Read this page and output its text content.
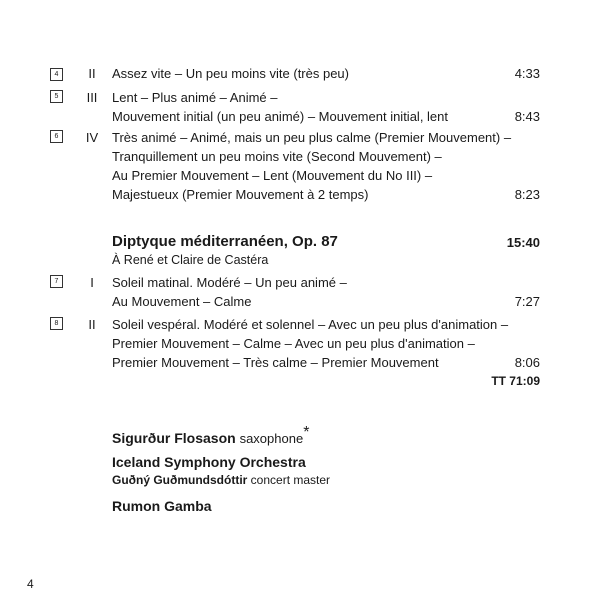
4	II	Assez vite – Un peu moins vite (très peu)	4:33
5	III	Lent – Plus animé – Animé –
Mouvement initial (un peu animé) – Mouvement initial, lent	8:43
6	IV	Très animé – Animé, mais un peu plus calme (Premier Mouvement) –
Tranquillement un peu moins vite (Second Mouvement) –
Au Premier Mouvement – Lent (Mouvement du No III) –
Majestueux (Premier Mouvement à 2 temps)	8:23
Diptyque méditerranéen, Op. 87	15:40
À René et Claire de Castéra
7	I	Soleil matinal. Modéré – Un peu animé –
Au Mouvement – Calme	7:27
8	II	Soleil vespéral. Modéré et solennel – Avec un peu plus d'animation –
Premier Mouvement – Calme – Avec un peu plus d'animation –
Premier Mouvement – Très calme – Premier Mouvement	8:06
TT 71:09
Sigurður Flosason saxophone*
Iceland Symphony Orchestra
Guðný Guðmundsdóttir concert master
Rumon Gamba
4
